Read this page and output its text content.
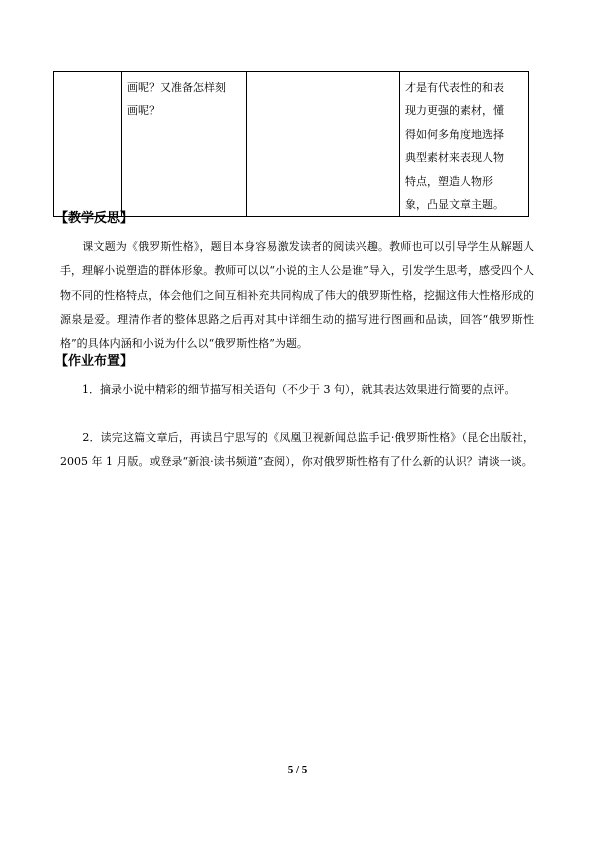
	画呢？又准备怎样刻
画呢？		才是有代表性的和表
现力更强的素材，懂
得如何多角度地选择
典型素材来表现人物
特点，塑造人物形
象，凸显文章主题。
【教学反思】

　　课文题为《俄罗斯性格》，题目本身容易激发读者的阅读兴趣。教师也可以引导学生从解题人手，理解小说塑造的群体形象。教师可以以“小说的主人公是谁”导入，引发学生思考，感受四个人物不同的性格特点，体会他们之间互相补充共同构成了伟大的俄罗斯性格，挖掘这伟大性格形成的源泉是爱。理清作者的整体思路之后再对其中详细生动的描写进行图画和品读，回答“俄罗斯性格”的具体内涵和小说为什么以“俄罗斯性格”为题。

【作业布置】

　　1．摘录小说中精彩的细节描写相关语句（不少于 3 句），就其表达效果进行简要的点评。

　　2．读完这篇文章后，再读吕宁思写的《凤凰卫视新闻总监手记·俄罗斯性格》（昆仑出版社，2005 年 1 月版。或登录“新浪·读书频道”查阅），你对俄罗斯性格有了什么新的认识？请谈一谈。

5 / 5
